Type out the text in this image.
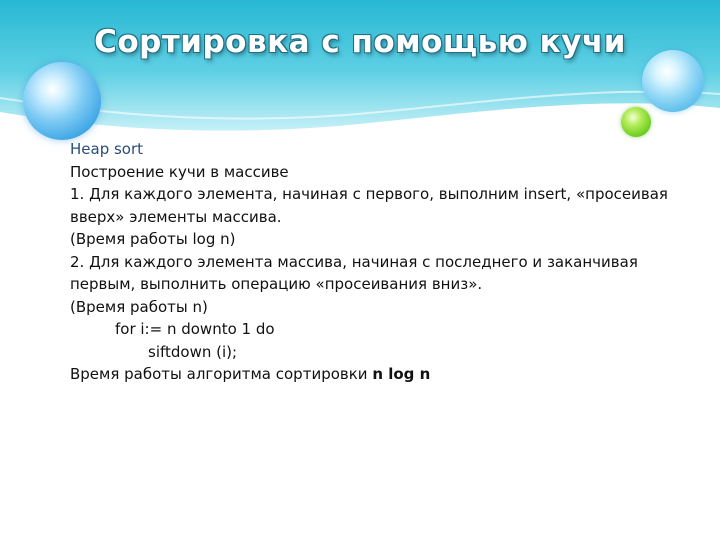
Сортировка с помощью кучи

Heap sort

Построение кучи в массиве

1. Для каждого элемента, начиная с первого, выполним insert, «просеивая вверх» элементы массива.

(Время работы log n)

2. Для каждого элемента массива, начиная с последнего и заканчивая первым, выполнить операцию «просеивания вниз».

(Время работы n)

for i:= n downto 1 do

siftdown (i);

Время работы алгоритма сортировки n log n
